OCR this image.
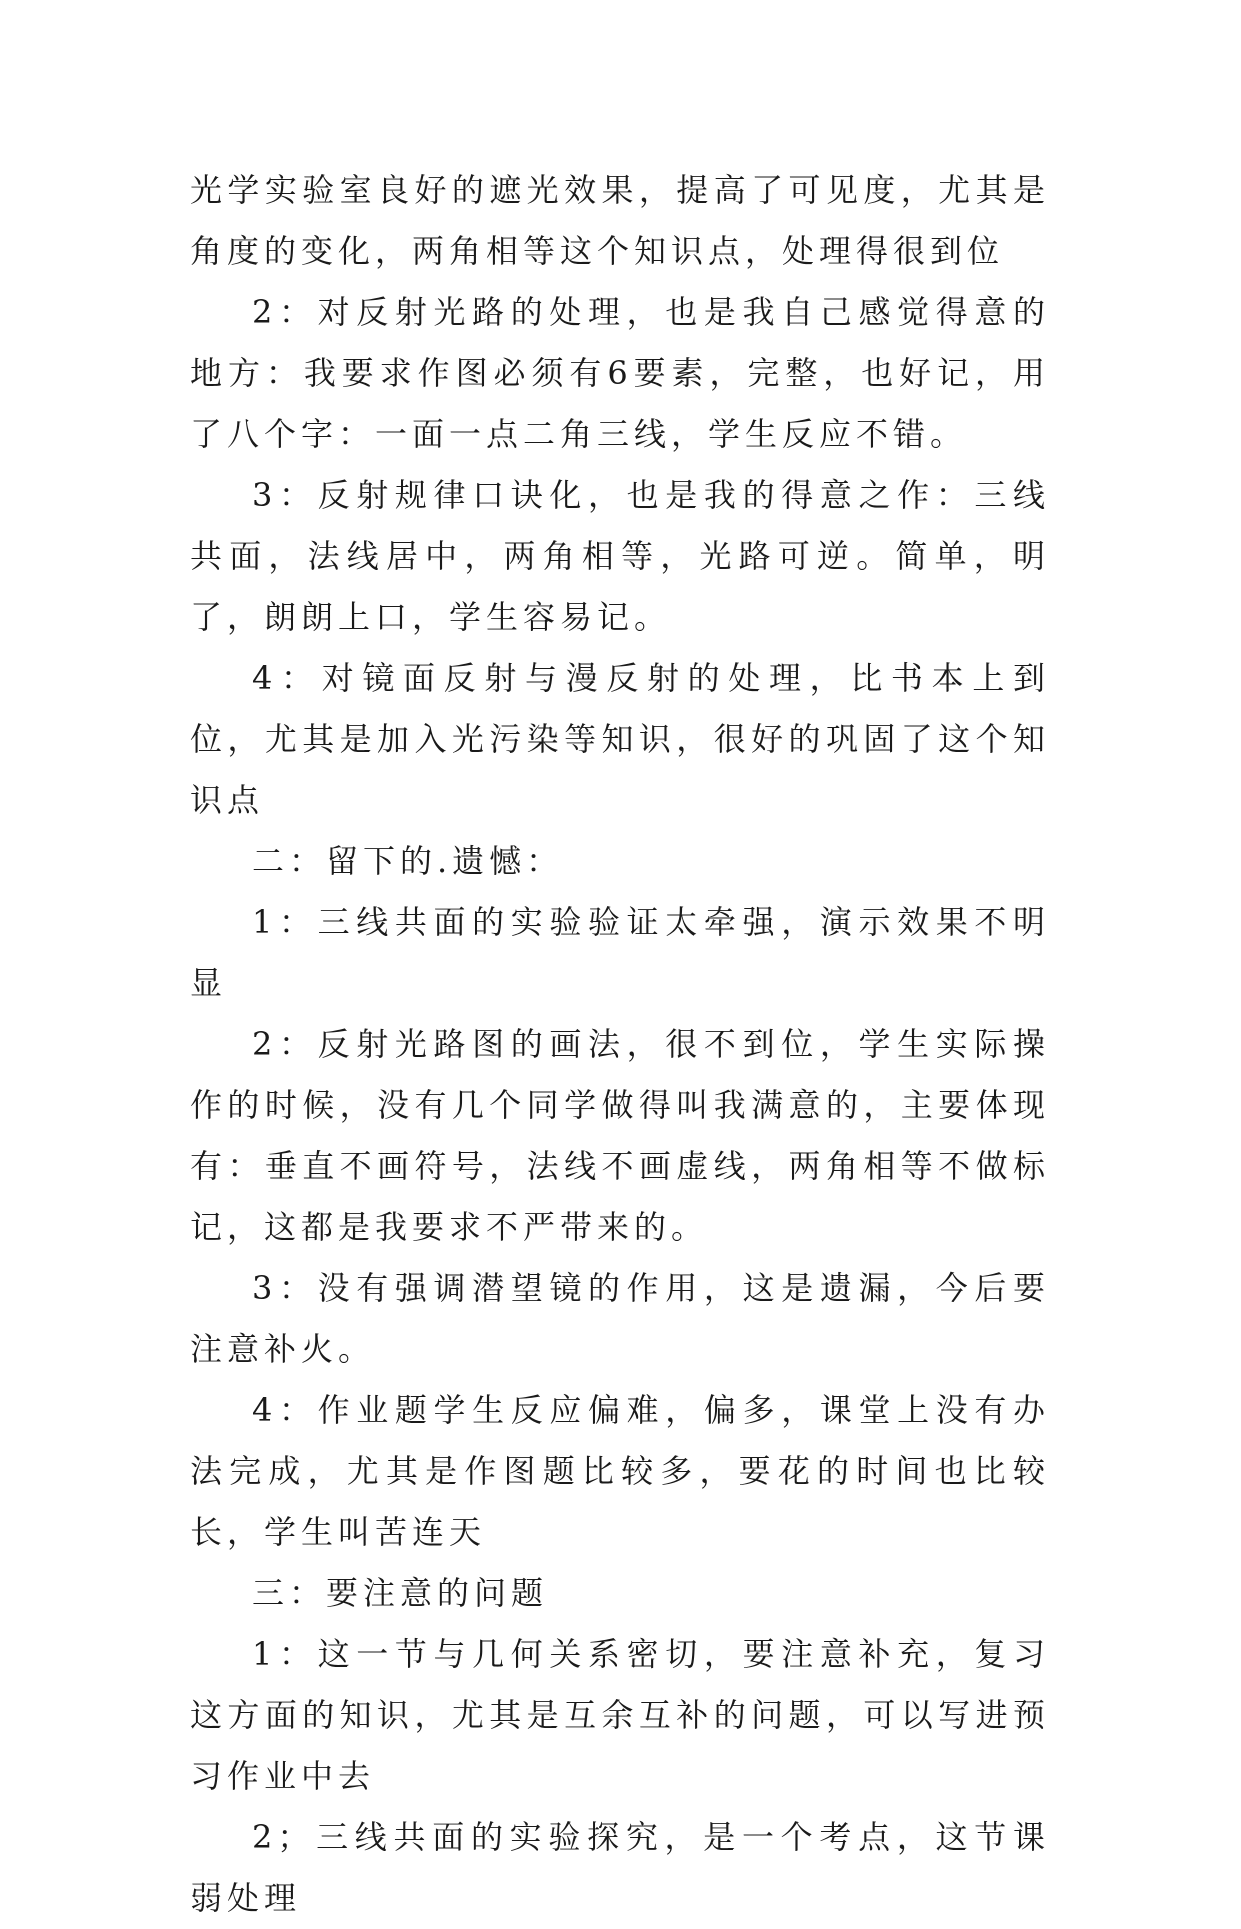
光学实验室良好的遮光效果，提高了可见度，尤其是角度的变化，两角相等这个知识点，处理得很到位

2：对反射光路的处理，也是我自己感觉得意的地方：我要求作图必须有6要素，完整，也好记，用了八个字：一面一点二角三线，学生反应不错。

3：反射规律口诀化，也是我的得意之作：三线共面，法线居中，两角相等，光路可逆。简单，明了，朗朗上口，学生容易记。

4：对镜面反射与漫反射的处理，比书本上到位，尤其是加入光污染等知识，很好的巩固了这个知识点

二：留下的.遗憾：

1：三线共面的实验验证太牵强，演示效果不明显

2：反射光路图的画法，很不到位，学生实际操作的时候，没有几个同学做得叫我满意的，主要体现有：垂直不画符号，法线不画虚线，两角相等不做标记，这都是我要求不严带来的。

3：没有强调潜望镜的作用，这是遗漏，今后要注意补火。

4：作业题学生反应偏难，偏多，课堂上没有办法完成，尤其是作图题比较多，要花的时间也比较长，学生叫苦连天

三：要注意的问题

1：这一节与几何关系密切，要注意补充，复习这方面的知识，尤其是互余互补的问题，可以写进预习作业中去

2；三线共面的实验探究，是一个考点，这节课弱处理
